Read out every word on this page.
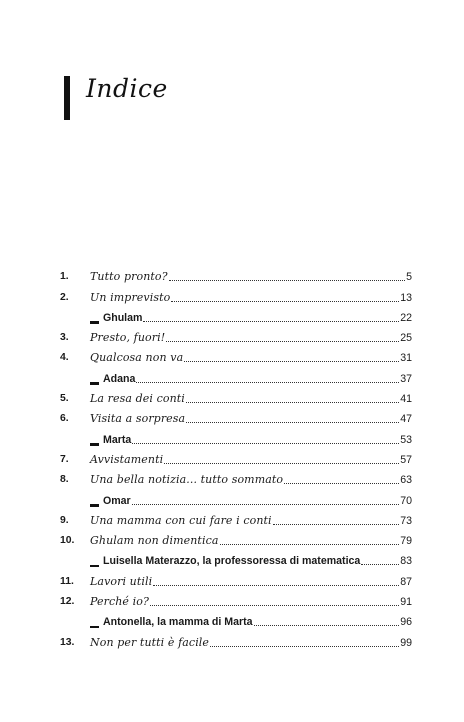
Indice
1.	Tutto pronto?	5
2.	Un imprevisto	13
Ghulam	22
3.	Presto, fuori!	25
4.	Qualcosa non va	31
Adana	37
5.	La resa dei conti	41
6.	Visita a sorpresa	47
Marta	53
7.	Avvistamenti	57
8.	Una bella notizia... tutto sommato	63
Omar	70
9.	Una mamma con cui fare i conti	73
10.	Ghulam non dimentica	79
Luisella Materazzo, la professoressa di matematica	83
11.	Lavori utili	87
12.	Perché io?	91
Antonella, la mamma di Marta	96
13.	Non per tutti è facile	99
